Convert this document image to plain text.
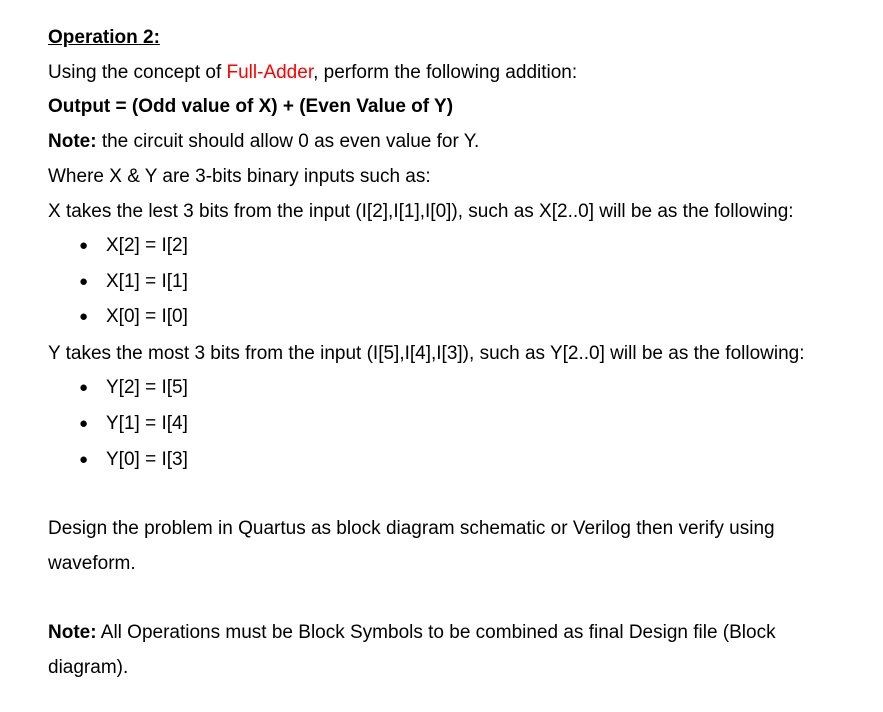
Operation 2:
Using the concept of Full-Adder, perform the following addition:
Output = (Odd value of X) + (Even Value of Y)
Note: the circuit should allow 0 as even value for Y.
Where X & Y are 3-bits binary inputs such as:
X takes the lest 3 bits from the input (I[2],I[1],I[0]), such as X[2..0] will be as the following:
● X[2] = I[2]
● X[1] = I[1]
● X[0] = I[0]
Y takes the most 3 bits from the input (I[5],I[4],I[3]), such as Y[2..0] will be as the following:
● Y[2] = I[5]
● Y[1] = I[4]
● Y[0] = I[3]
Design the problem in Quartus as block diagram schematic or Verilog then verify using
waveform.
Note: All Operations must be Block Symbols to be combined as final Design file (Block
diagram).
